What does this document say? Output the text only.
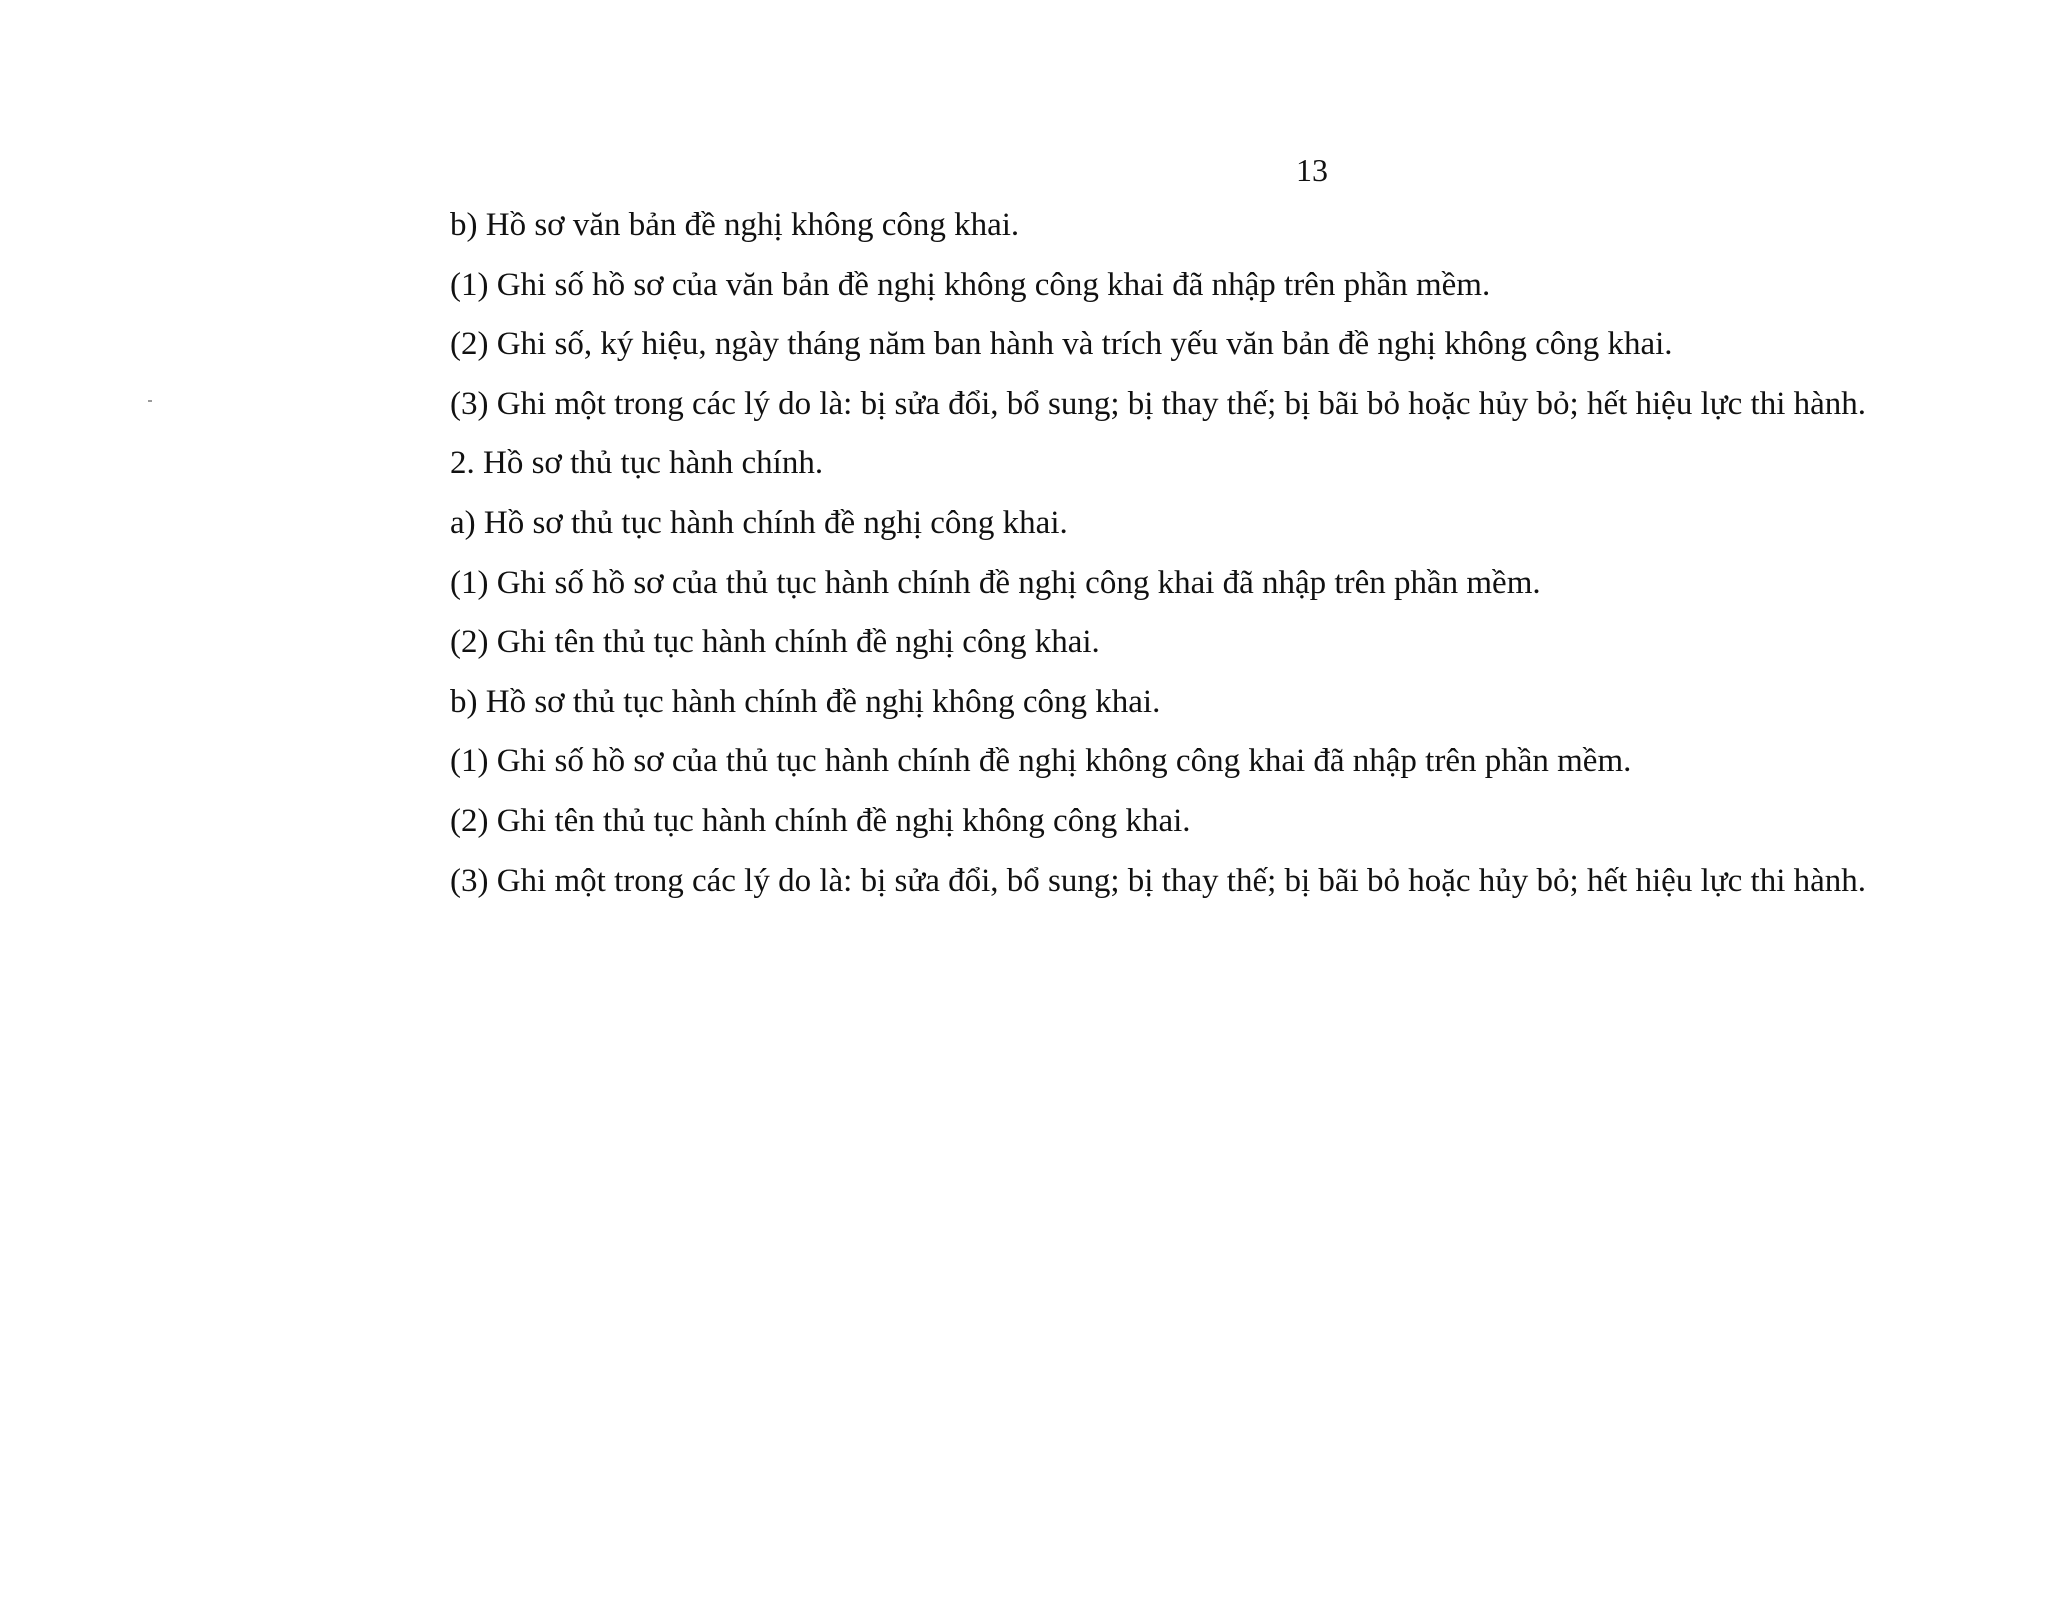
13
b) Hồ sơ văn bản đề nghị không công khai.
(1) Ghi số hồ sơ của văn bản đề nghị không công khai đã nhập trên phần mềm.
(2) Ghi số, ký hiệu, ngày tháng năm ban hành và trích yếu văn bản đề nghị không công khai.
(3) Ghi một trong các lý do là: bị sửa đổi, bổ sung; bị thay thế; bị bãi bỏ hoặc hủy bỏ; hết hiệu lực thi hành.
2. Hồ sơ thủ tục hành chính.
a) Hồ sơ thủ tục hành chính đề nghị công khai.
(1) Ghi số hồ sơ của thủ tục hành chính đề nghị công khai đã nhập trên phần mềm.
(2) Ghi tên thủ tục hành chính đề nghị công khai.
b) Hồ sơ thủ tục hành chính đề nghị không công khai.
(1) Ghi số hồ sơ của thủ tục hành chính đề nghị không công khai đã nhập trên phần mềm.
(2) Ghi tên thủ tục hành chính đề nghị không công khai.
(3) Ghi một trong các lý do là: bị sửa đổi, bổ sung; bị thay thế; bị bãi bỏ hoặc hủy bỏ; hết hiệu lực thi hành.
